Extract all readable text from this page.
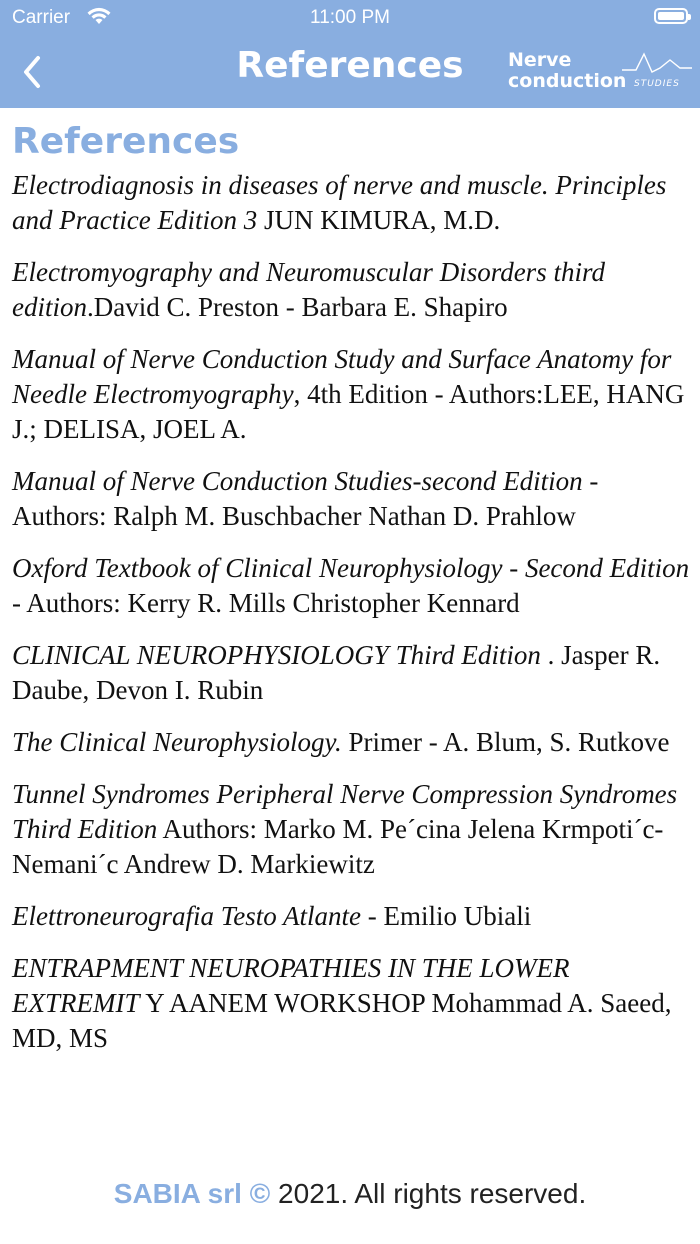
Carrier	11:00 PM
References	Nerve
conduction STUDIES
References

Electrodiagnosis in diseases of nerve and muscle. Principles and Practice Edition 3 JUN KIMURA, M.D.

Electromyography and Neuromuscular Disorders third edition.David C. Preston - Barbara E. Shapiro

Manual of Nerve Conduction Study and Surface Anatomy for Needle Electromyography, 4th Edition - Authors:LEE, HANG J.; DELISA, JOEL A.

Manual of Nerve Conduction Studies-second Edition - Authors: Ralph M. Buschbacher Nathan D. Prahlow

Oxford Textbook of Clinical Neurophysiology - Second Edition - Authors: Kerry R. Mills Christopher Kennard

CLINICAL NEUROPHYSIOLOGY Third Edition . Jasper R. Daube, Devon I. Rubin

The Clinical Neurophysiology. Primer - A. Blum, S. Rutkove

Tunnel Syndromes Peripheral Nerve Compression Syndromes Third Edition Authors: Marko M. Pe´cina Jelena Krmpoti´c-Nemani´c Andrew D. Markiewitz

Elettroneurografia Testo Atlante - Emilio Ubiali

ENTRAPMENT NEUROPATHIES IN THE LOWER EXTREMIT Y AANEM WORKSHOP Mohammad A. Saeed, MD, MS

SABIA srl © 2021. All rights reserved.
